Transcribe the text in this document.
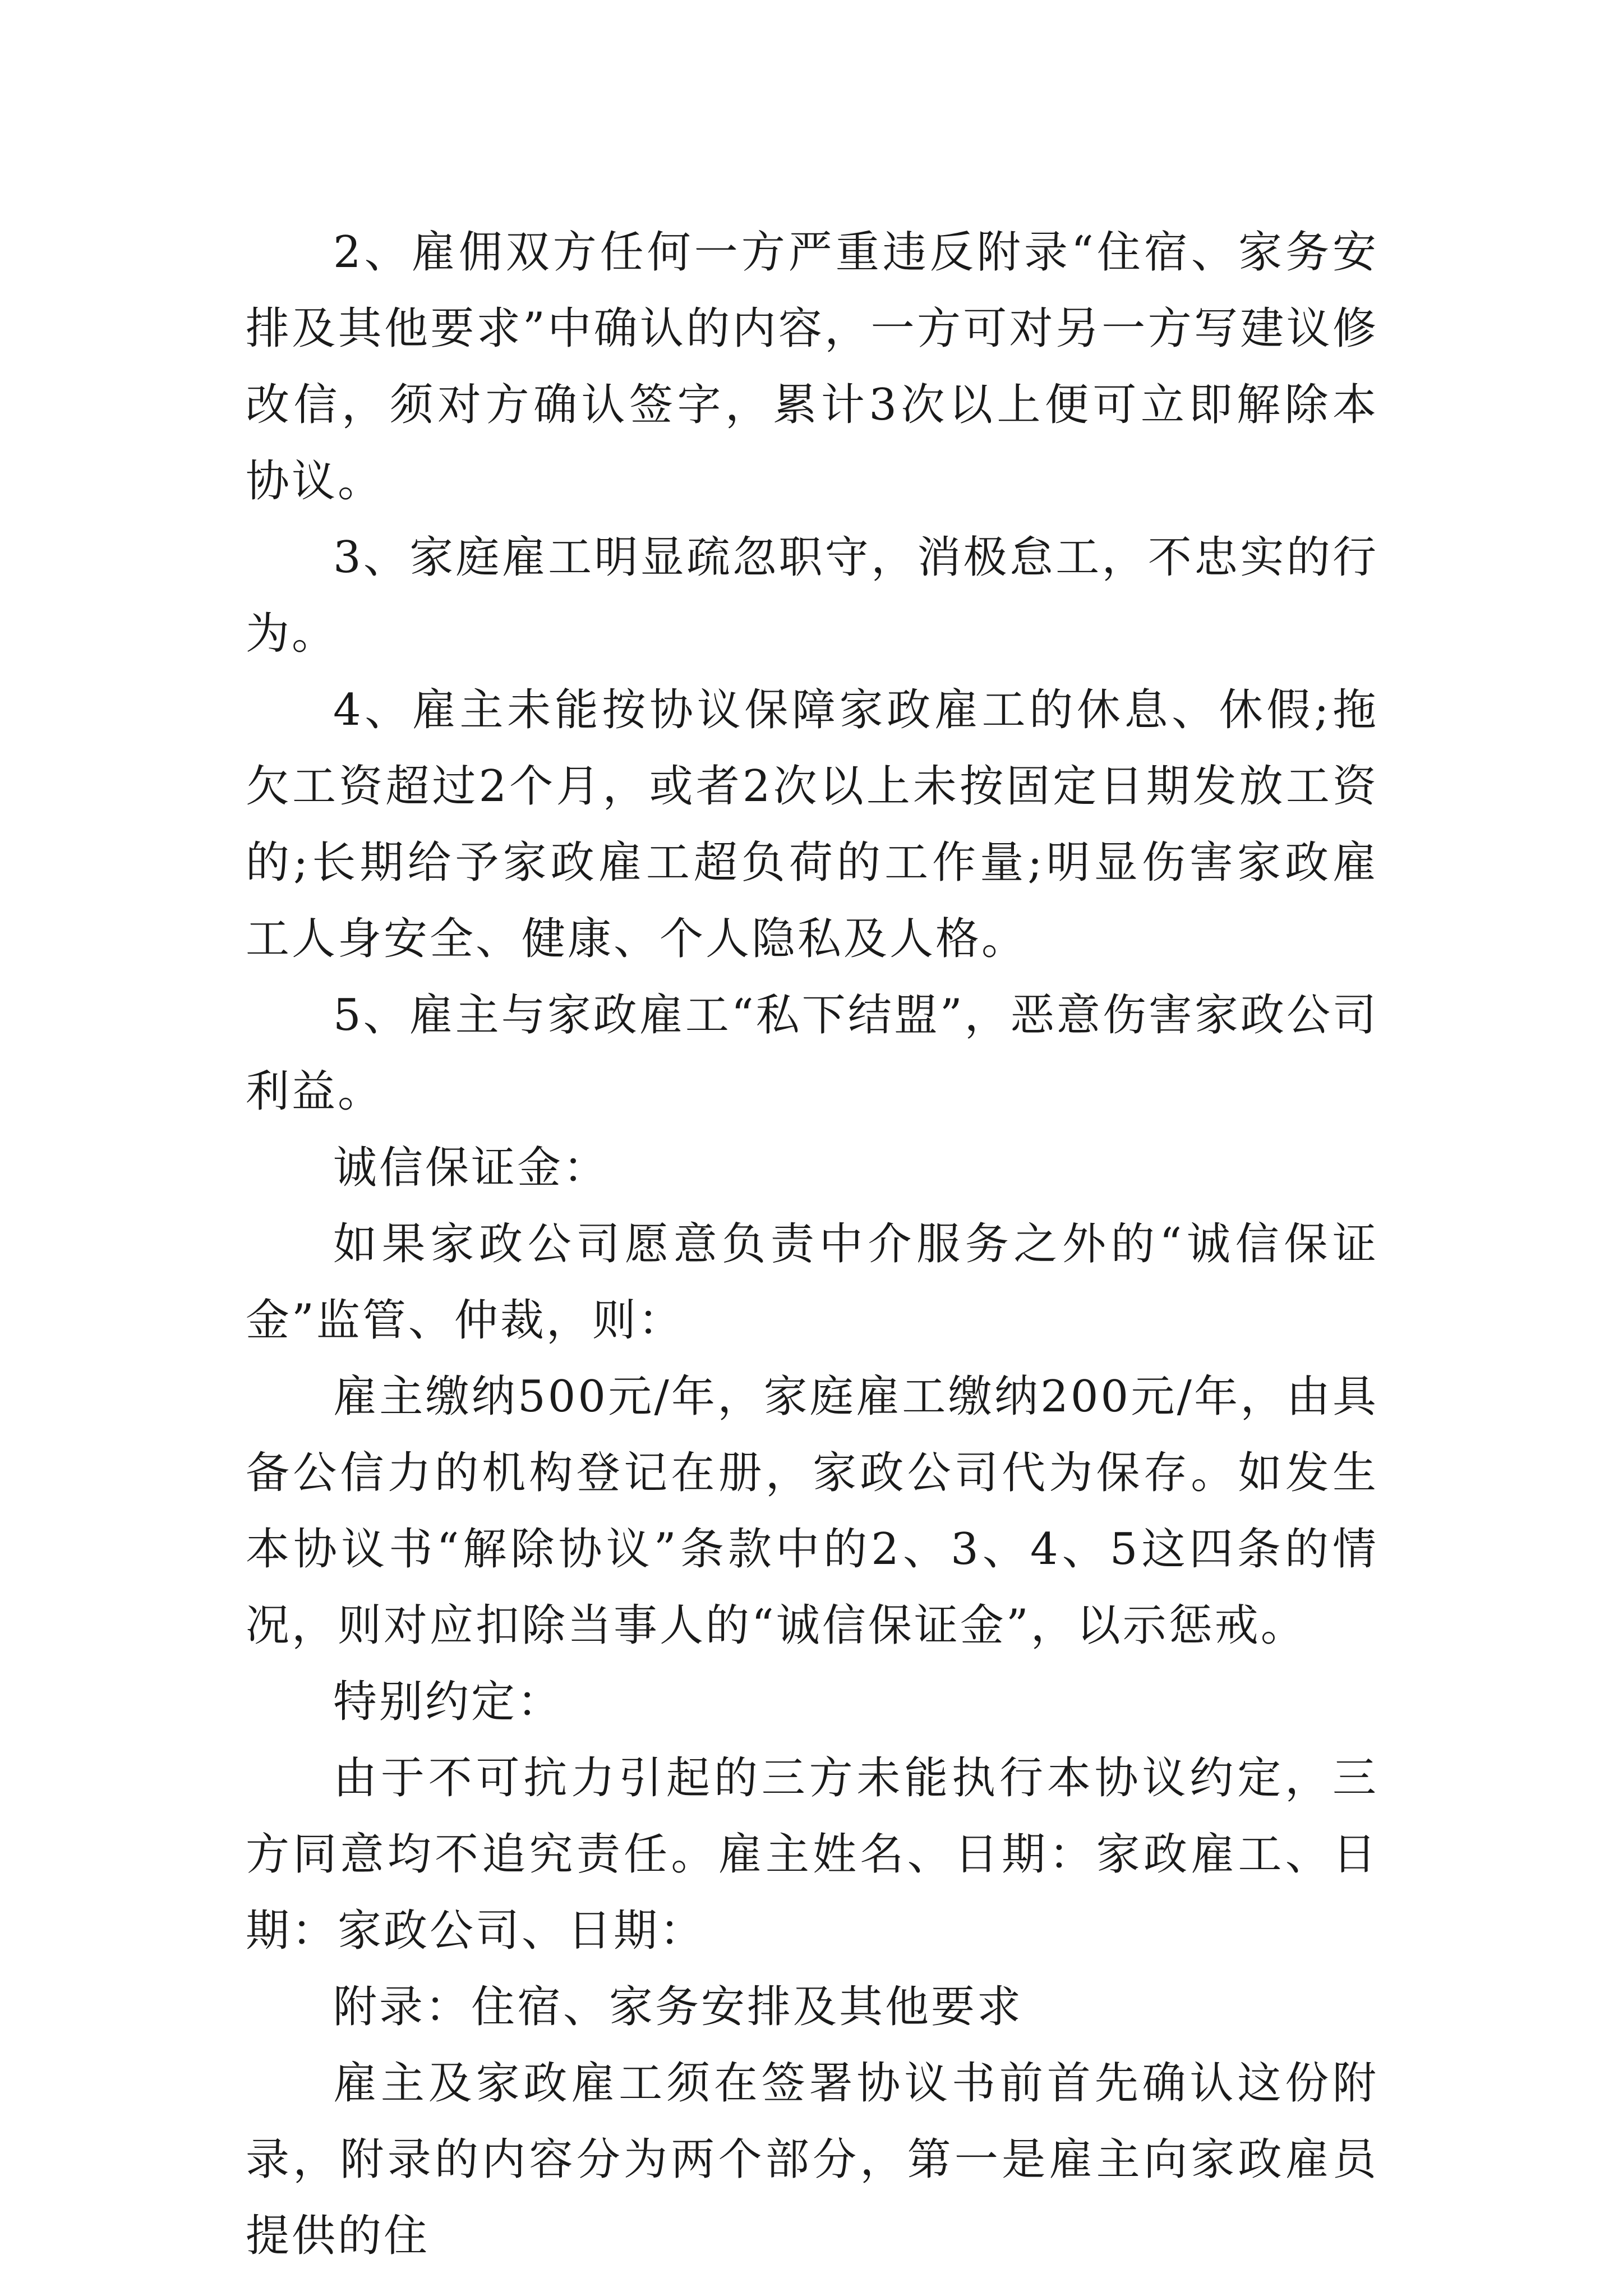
2、雇佣双方任何一方严重违反附录“住宿、家务安排及其他要求”中确认的内容，一方可对另一方写建议修改信，须对方确认签字，累计3次以上便可立即解除本协议。

3、家庭雇工明显疏忽职守，消极怠工，不忠实的行为。

4、雇主未能按协议保障家政雇工的休息、休假;拖欠工资超过2个月，或者2次以上未按固定日期发放工资的;长期给予家政雇工超负荷的工作量;明显伤害家政雇工人身安全、健康、个人隐私及人格。

5、雇主与家政雇工“私下结盟”，恶意伤害家政公司利益。

诚信保证金：

如果家政公司愿意负责中介服务之外的“诚信保证金”监管、仲裁，则：

雇主缴纳500元/年，家庭雇工缴纳200元/年，由具备公信力的机构登记在册，家政公司代为保存。如发生本协议书“解除协议”条款中的2、3、4、5这四条的情况，则对应扣除当事人的“诚信保证金”，以示惩戒。

特别约定：

由于不可抗力引起的三方未能执行本协议约定，三方同意均不追究责任。雇主姓名、日期：家政雇工、日期：家政公司、日期：

附录：住宿、家务安排及其他要求

雇主及家政雇工须在签署协议书前首先确认这份附录，附录的内容分为两个部分，第一是雇主向家政雇员提供的住
